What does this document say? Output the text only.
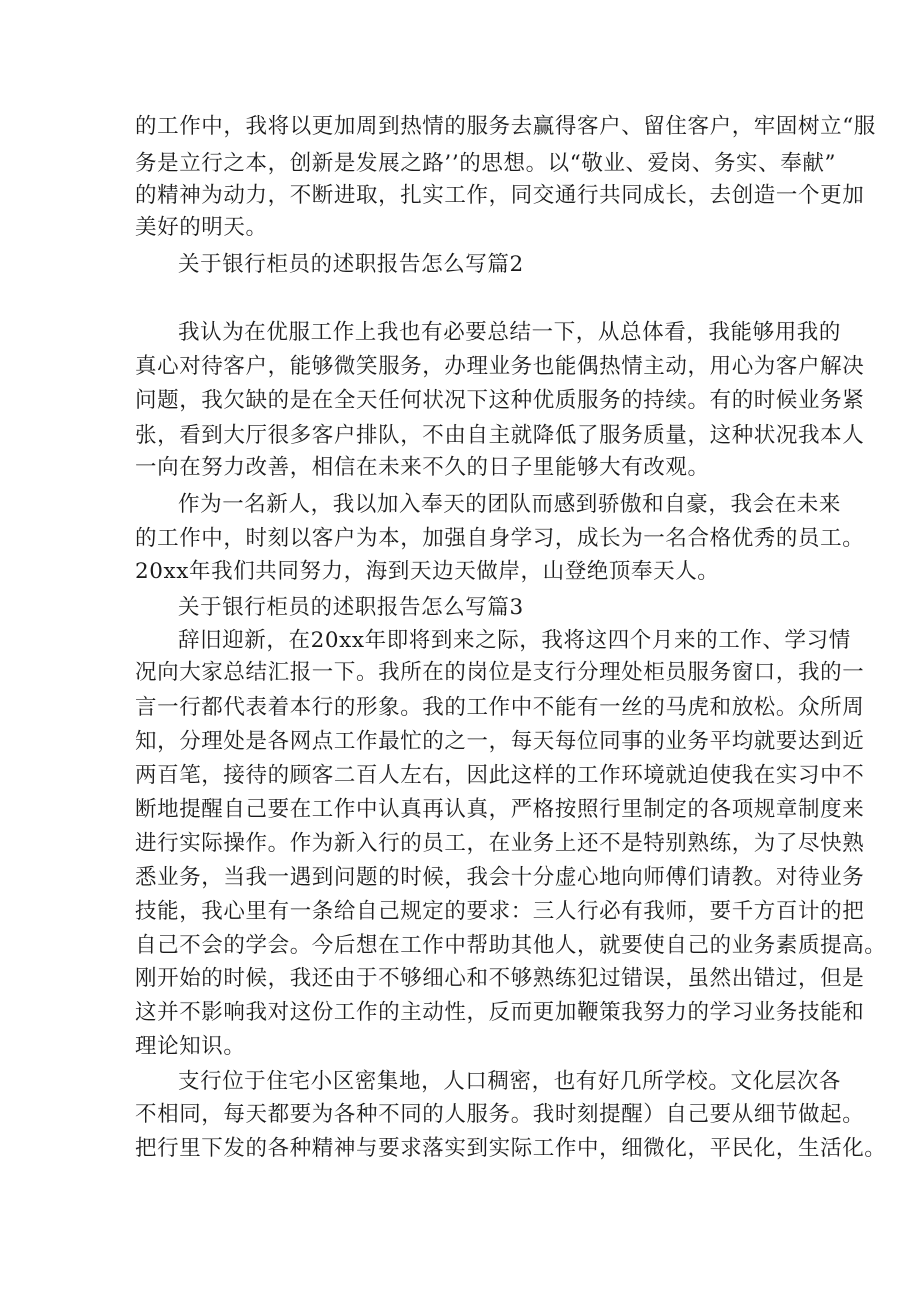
的工作中，我将以更加周到热情的服务去赢得客户、留住客户，牢固树立“服
务是立行之本，创新是发展之路’’的思想。以“敬业、爱岗、务实、奉献”
的精神为动力，不断进取，扎实工作，同交通行共同成长，去创造一个更加
美好的明天。
关于银行柜员的述职报告怎么写篇2
我认为在优服工作上我也有必要总结一下，从总体看，我能够用我的
真心对待客户，能够微笑服务，办理业务也能偶热情主动，用心为客户解决
问题，我欠缺的是在全天任何状况下这种优质服务的持续。有的时候业务紧
张，看到大厅很多客户排队，不由自主就降低了服务质量，这种状况我本人
一向在努力改善，相信在未来不久的日子里能够大有改观。
作为一名新人，我以加入奉天的团队而感到骄傲和自豪，我会在未来
的工作中，时刻以客户为本，加强自身学习，成长为一名合格优秀的员工。
20xx年我们共同努力，海到天边天做岸，山登绝顶奉天人。
关于银行柜员的述职报告怎么写篇3
辞旧迎新，在20xx年即将到来之际，我将这四个月来的工作、学习情
况向大家总结汇报一下。我所在的岗位是支行分理处柜员服务窗口，我的一
言一行都代表着本行的形象。我的工作中不能有一丝的马虎和放松。众所周
知，分理处是各网点工作最忙的之一，每天每位同事的业务平均就要达到近
两百笔，接待的顾客二百人左右，因此这样的工作环境就迫使我在实习中不
断地提醒自己要在工作中认真再认真，严格按照行里制定的各项规章制度来
进行实际操作。作为新入行的员工，在业务上还不是特别熟练，为了尽快熟
悉业务，当我一遇到问题的时候，我会十分虚心地向师傅们请教。对待业务
技能，我心里有一条给自己规定的要求：三人行必有我师，要千方百计的把
自己不会的学会。今后想在工作中帮助其他人，就要使自己的业务素质提高。
刚开始的时候，我还由于不够细心和不够熟练犯过错误，虽然出错过，但是
这并不影响我对这份工作的主动性，反而更加鞭策我努力的学习业务技能和
理论知识。
支行位于住宅小区密集地，人口稠密，也有好几所学校。文化层次各
不相同，每天都要为各种不同的人服务。我时刻提醒）自己要从细节做起。
把行里下发的各种精神与要求落实到实际工作中，细微化，平民化，生活化。
